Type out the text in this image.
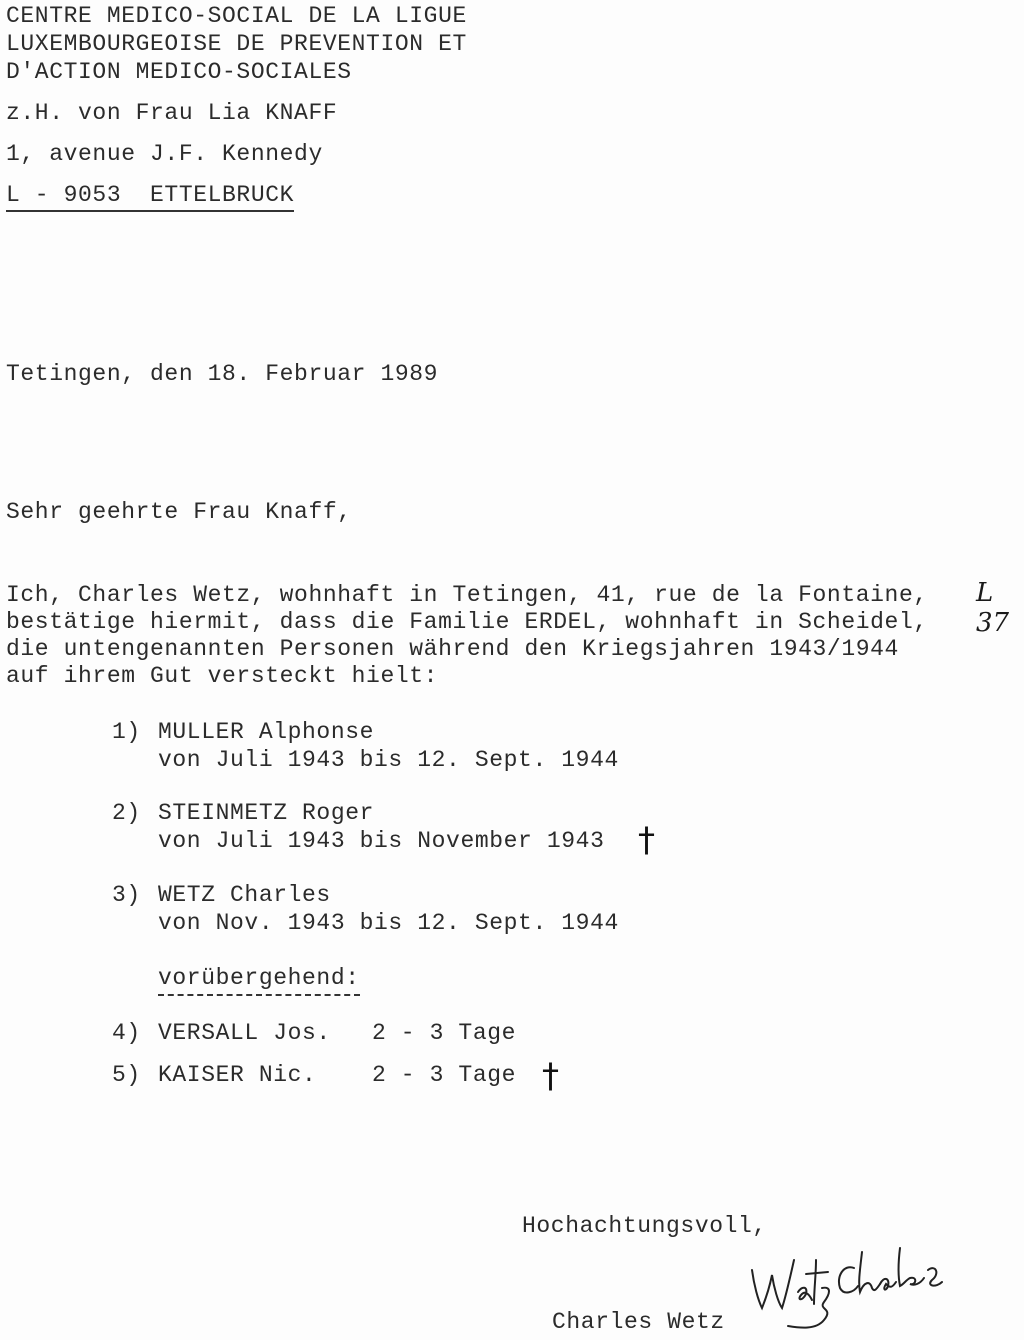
CENTRE MEDICO-SOCIAL DE LA LIGUE
LUXEMBOURGEOISE DE PREVENTION ET
D'ACTION MEDICO-SOCIALES
z.H. von Frau Lia KNAFF
1, avenue J.F. Kennedy
L - 9053  ETTELBRUCK
Tetingen, den 18. Februar 1989
Sehr geehrte Frau Knaff,
Ich, Charles Wetz, wohnhaft in Tetingen, 41, rue de la Fontaine, L 37
bestätige hiermit, dass die Familie ERDEL, wohnhaft in Scheidel,
die untengenannten Personen während den Kriegsjahren 1943/1944
auf ihrem Gut versteckt hielt:
1) MULLER Alphonse
von Juli 1943 bis 12. Sept. 1944
2) STEINMETZ Roger
von Juli 1943 bis November 1943 †
3) WETZ Charles
von Nov. 1943 bis 12. Sept. 1944
vorübergehend:
4) VERSALL Jos. 2 - 3 Tage
5) KAISER Nic. 2 - 3 Tage †
Hochachtungsvoll,
Charles Wetz
